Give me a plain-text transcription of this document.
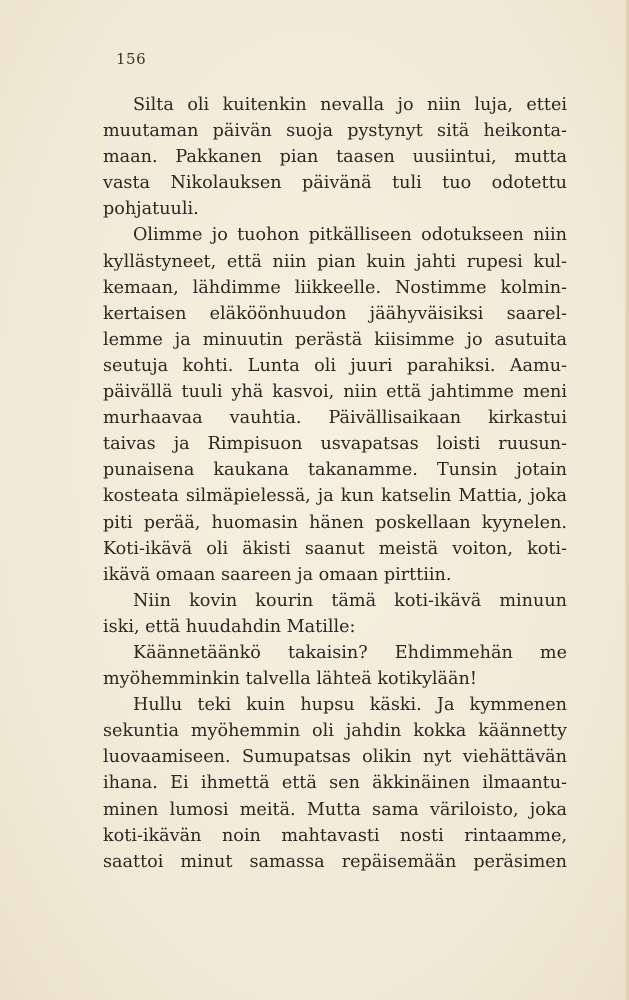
156
Silta oli kuitenkin nevalla jo niin luja, ettei
muutaman päivän suoja pystynyt sitä heikonta-
maan. Pakkanen pian taasen uusiintui, mutta
vasta Nikolauksen päivänä tuli tuo odotettu
pohjatuuli.
Olimme jo tuohon pitkälliseen odotukseen niin
kyllästyneet, että niin pian kuin jahti rupesi kul-
kemaan, lähdimme liikkeelle. Nostimme kolmin-
kertaisen eläköönhuudon jäähyväisiksi saarel-
lemme ja minuutin perästä kiisimme jo asutuita
seutuja kohti. Lunta oli juuri parahiksi. Aamu-
päivällä tuuli yhä kasvoi, niin että jahtimme meni
murhaavaa vauhtia. Päivällisaikaan kirkastui
taivas ja Rimpisuon usvapatsas loisti ruusun-
punaisena kaukana takanamme. Tunsin jotain
kosteata silmäpielessä, ja kun katselin Mattia, joka
piti perää, huomasin hänen poskellaan kyynelen.
Koti-ikävä oli äkisti saanut meistä voiton, koti-
ikävä omaan saareen ja omaan pirttiin.
Niin kovin kourin tämä koti-ikävä minuun
iski, että huudahdin Matille:
Käännetäänkö takaisin? Ehdimmehän me
myöhemminkin talvella lähteä kotikylään!
Hullu teki kuin hupsu käski. Ja kymmenen
sekuntia myöhemmin oli jahdin kokka käännetty
luovaamiseen. Sumupatsas olikin nyt viehättävän
ihana. Ei ihmettä että sen äkkinäinen ilmaantu-
minen lumosi meitä. Mutta sama väriloisto, joka
koti-ikävän noin mahtavasti nosti rintaamme,
saattoi minut samassa repäisemään peräsimen
